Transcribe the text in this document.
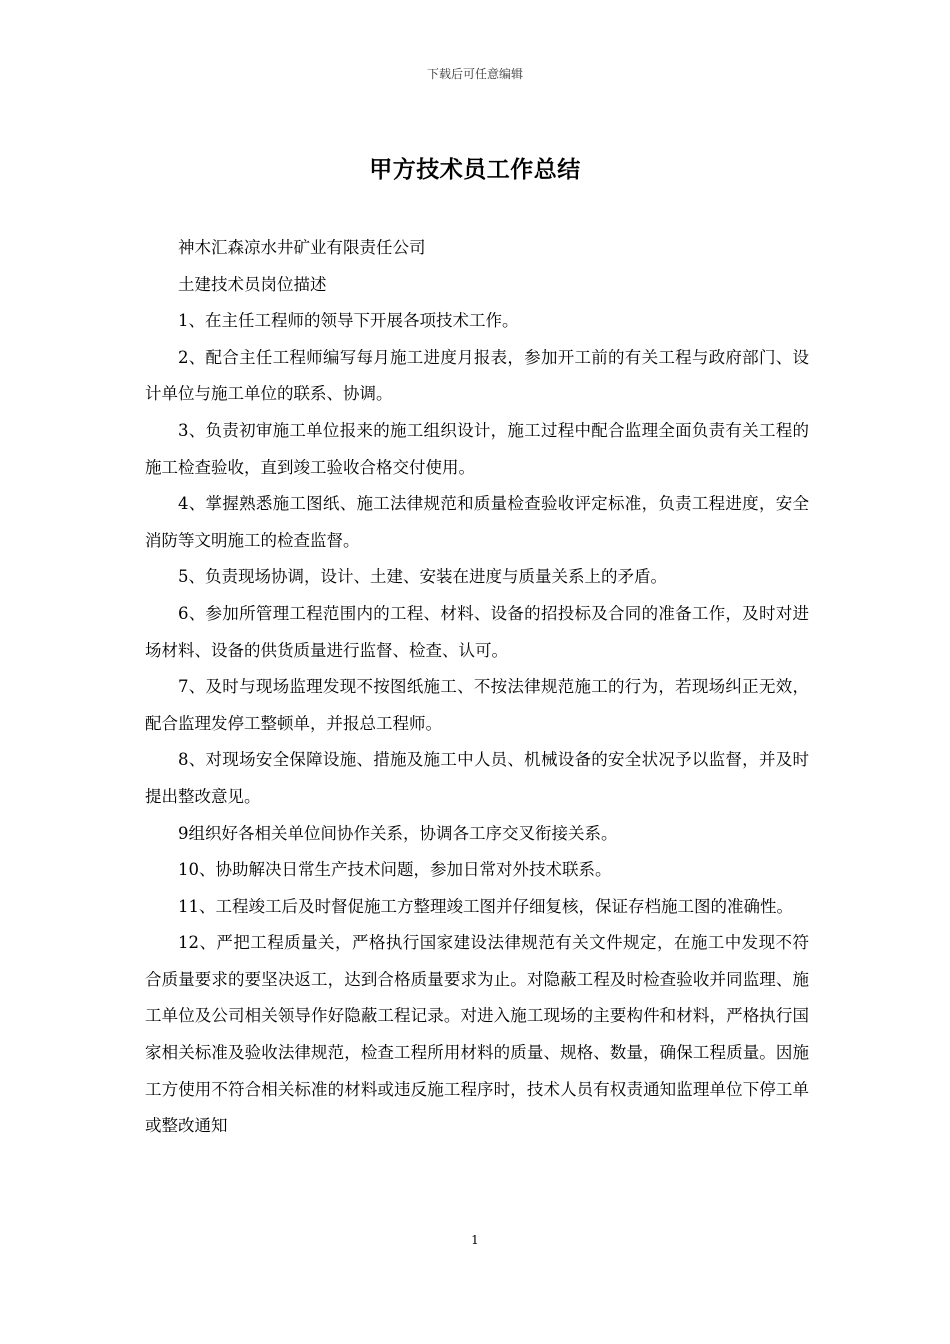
下载后可任意编辑
甲方技术员工作总结

神木汇森凉水井矿业有限责任公司

土建技术员岗位描述

1、在主任工程师的领导下开展各项技术工作。

2、配合主任工程师编写每月施工进度月报表，参加开工前的有关工程与政府部门、设计单位与施工单位的联系、协调。

3、负责初审施工单位报来的施工组织设计，施工过程中配合监理全面负责有关工程的施工检查验收，直到竣工验收合格交付使用。

4、掌握熟悉施工图纸、施工法律规范和质量检查验收评定标准，负责工程进度，安全消防等文明施工的检查监督。

5、负责现场协调，设计、土建、安装在进度与质量关系上的矛盾。

6、参加所管理工程范围内的工程、材料、设备的招投标及合同的准备工作，及时对进场材料、设备的供货质量进行监督、检查、认可。

7、及时与现场监理发现不按图纸施工、不按法律规范施工的行为，若现场纠正无效，配合监理发停工整顿单，并报总工程师。

8、对现场安全保障设施、措施及施工中人员、机械设备的安全状况予以监督，并及时提出整改意见。

9组织好各相关单位间协作关系，协调各工序交叉衔接关系。

10、协助解决日常生产技术问题，参加日常对外技术联系。

11、工程竣工后及时督促施工方整理竣工图并仔细复核，保证存档施工图的准确性。

12、严把工程质量关，严格执行国家建设法律规范有关文件规定，在施工中发现不符合质量要求的要坚决返工，达到合格质量要求为止。对隐蔽工程及时检查验收并同监理、施工单位及公司相关领导作好隐蔽工程记录。对进入施工现场的主要构件和材料，严格执行国家相关标准及验收法律规范，检查工程所用材料的质量、规格、数量，确保工程质量。因施工方使用不符合相关标准的材料或违反施工程序时，技术人员有权责通知监理单位下停工单或整改通知

1
